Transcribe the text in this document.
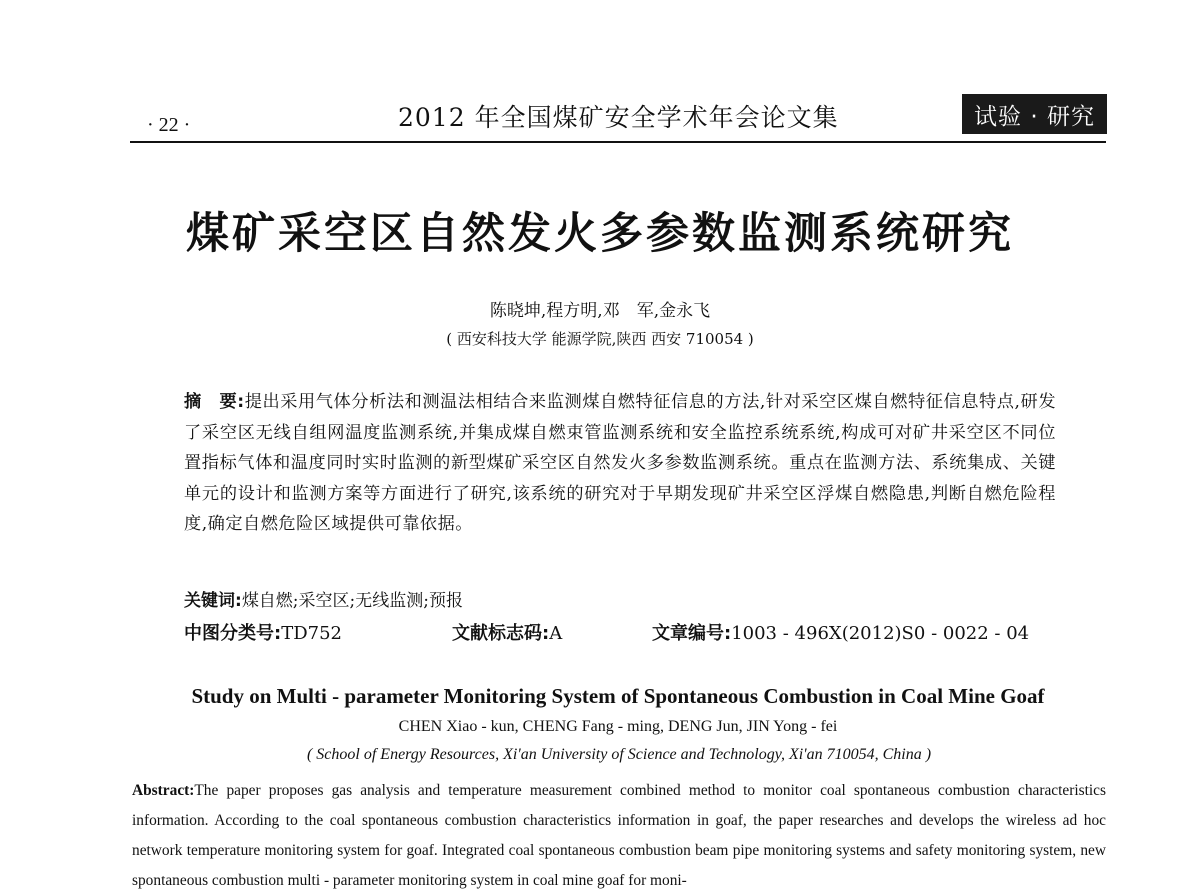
· 22 ·	2012 年全国煤矿安全学术年会论文集	试验 · 研究
煤矿采空区自然发火多参数监测系统研究
陈晓坤,程方明,邓　军,金永飞
( 西安科技大学 能源学院,陕西 西安 710054 )
摘　要:提出采用气体分析法和测温法相结合来监测煤自燃特征信息的方法,针对采空区煤自燃特征信息特点,研发了采空区无线自组网温度监测系统,并集成煤自燃束管监测系统和安全监控系统系统,构成可对矿井采空区不同位置指标气体和温度同时实时监测的新型煤矿采空区自然发火多参数监测系统。重点在监测方法、系统集成、关键单元的设计和监测方案等方面进行了研究,该系统的研究对于早期发现矿井采空区浮煤自燃隐患,判断自燃危险程度,确定自燃危险区域提供可靠依据。
关键词:煤自燃;采空区;无线监测;预报
中图分类号:TD752	文献标志码:A	文章编号:1003 - 496X(2012)S0 - 0022 - 04
Study on Multi - parameter Monitoring System of Spontaneous Combustion in Coal Mine Goaf
CHEN Xiao - kun, CHENG Fang - ming, DENG Jun, JIN Yong - fei
( School of Energy Resources, Xi'an University of Science and Technology, Xi'an 710054, China )
Abstract:The paper proposes gas analysis and temperature measurement combined method to monitor coal spontaneous combustion characteristics information. According to the coal spontaneous combustion characteristics information in goaf, the paper researches and develops the wireless ad hoc network temperature monitoring system for goaf. Integrated coal spontaneous combustion beam pipe monitoring systems and safety monitoring system, new spontaneous combustion multi - parameter monitoring system in coal mine goaf for moni-
